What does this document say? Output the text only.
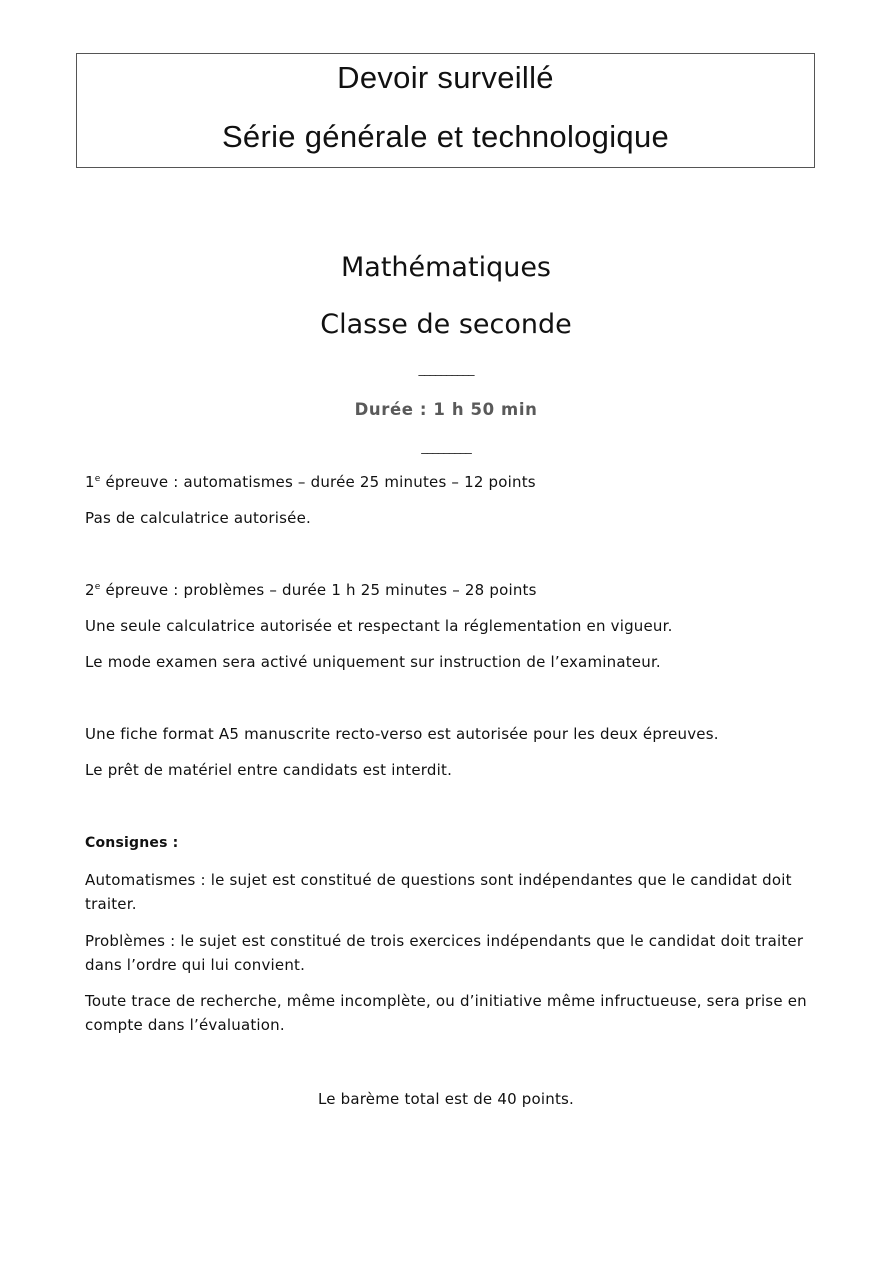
Devoir surveillé
Série générale et technologique
Mathématiques
Classe de seconde
__________
Durée : 1 h 50 min
_________
1e épreuve : automatismes – durée 25 minutes – 12 points
Pas de calculatrice autorisée.
2e épreuve : problèmes – durée 1 h 25 minutes – 28 points
Une seule calculatrice autorisée et respectant la réglementation en vigueur.
Le mode examen sera activé uniquement sur instruction de l’examinateur.
Une fiche format A5 manuscrite recto-verso est autorisée pour les deux épreuves.
Le prêt de matériel entre candidats est interdit.
Consignes :
Automatismes : le sujet est constitué de questions sont indépendantes que le candidat doit traiter.
Problèmes : le sujet est constitué de trois exercices indépendants que le candidat doit traiter dans l’ordre qui lui convient.
Toute trace de recherche, même incomplète, ou d’initiative même infructueuse, sera prise en compte dans l’évaluation.
Le barème total est de 40 points.
